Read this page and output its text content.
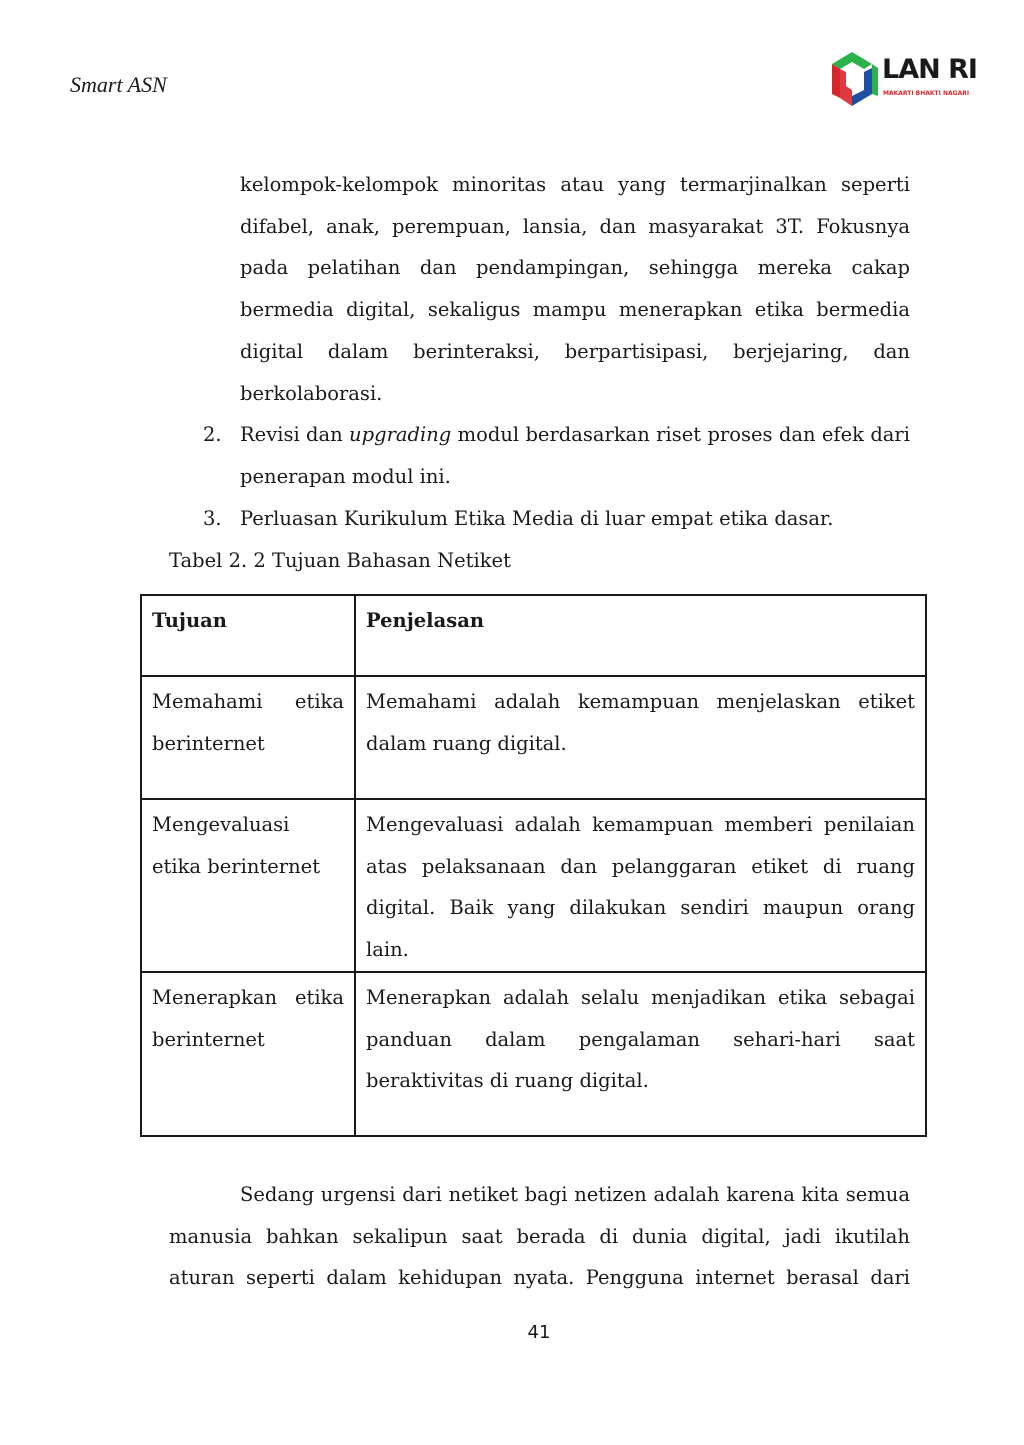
Smart ASN	LAN RI
MAKARTI BHAKTI NAGARI
kelompok-kelompok minoritas atau yang termarjinalkan seperti difabel, anak, perempuan, lansia, dan masyarakat 3T. Fokusnya pada pelatihan dan pendampingan, sehingga mereka cakap bermedia digital, sekaligus mampu menerapkan etika bermedia digital dalam berinteraksi, berpartisipasi, berjejaring, dan berkolaborasi.
2. Revisi dan upgrading modul berdasarkan riset proses dan efek dari penerapan modul ini.
3. Perluasan Kurikulum Etika Media di luar empat etika dasar.
Tabel 2. 2 Tujuan Bahasan Netiket
Tujuan	Penjelasan
Memahami etika berinternet	Memahami adalah kemampuan menjelaskan etiket dalam ruang digital.
Mengevaluasi etika berinternet	Mengevaluasi adalah kemampuan memberi penilaian atas pelaksanaan dan pelanggaran etiket di ruang digital. Baik yang dilakukan sendiri maupun orang lain.
Menerapkan etika berinternet	Menerapkan adalah selalu menjadikan etika sebagai panduan dalam pengalaman sehari-hari saat beraktivitas di ruang digital.
Sedang urgensi dari netiket bagi netizen adalah karena kita semua manusia bahkan sekalipun saat berada di dunia digital, jadi ikutilah aturan seperti dalam kehidupan nyata. Pengguna internet berasal dari
41
